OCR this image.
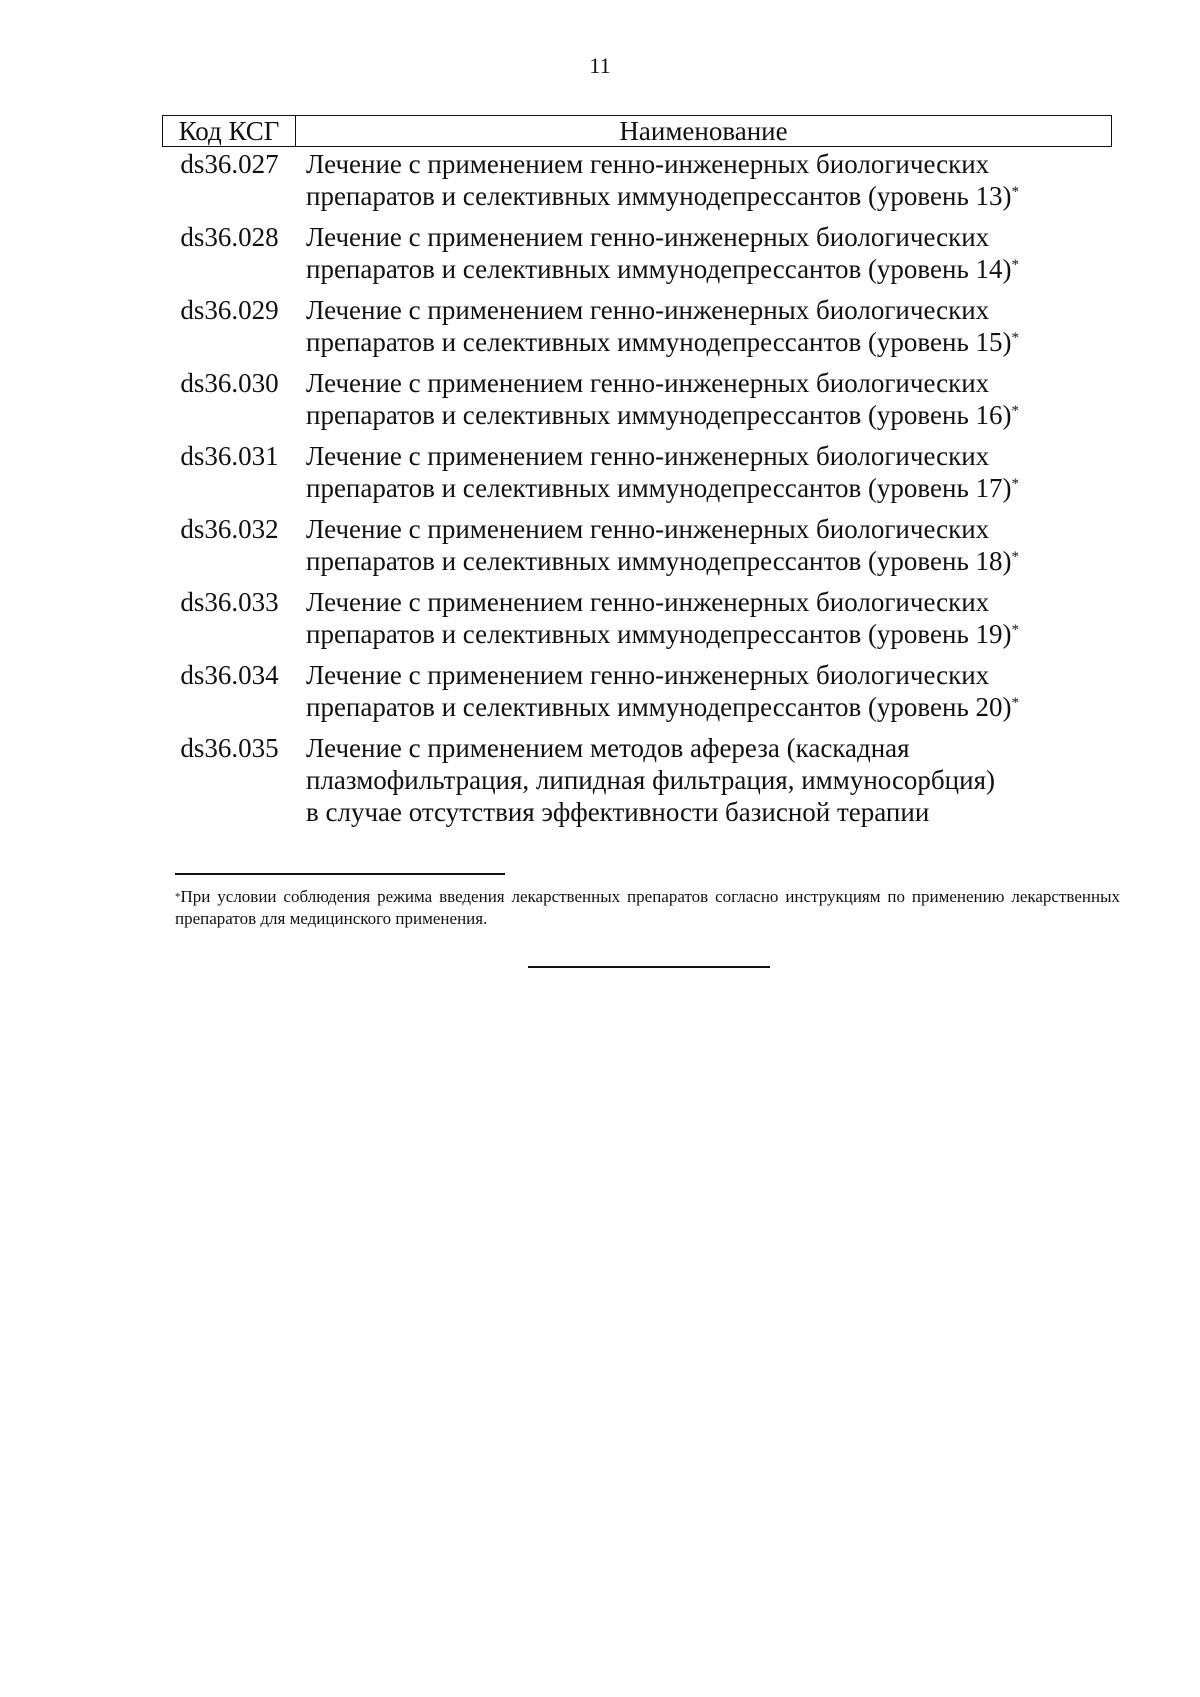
11
Код КСГ	Наименование
ds36.027	Лечение с применением генно-инженерных биологических
препаратов и селективных иммунодепрессантов (уровень 13)*
ds36.028	Лечение с применением генно-инженерных биологических
препаратов и селективных иммунодепрессантов (уровень 14)*
ds36.029	Лечение с применением генно-инженерных биологических
препаратов и селективных иммунодепрессантов (уровень 15)*
ds36.030	Лечение с применением генно-инженерных биологических
препаратов и селективных иммунодепрессантов (уровень 16)*
ds36.031	Лечение с применением генно-инженерных биологических
препаратов и селективных иммунодепрессантов (уровень 17)*
ds36.032	Лечение с применением генно-инженерных биологических
препаратов и селективных иммунодепрессантов (уровень 18)*
ds36.033	Лечение с применением генно-инженерных биологических
препаратов и селективных иммунодепрессантов (уровень 19)*
ds36.034	Лечение с применением генно-инженерных биологических
препаратов и селективных иммунодепрессантов (уровень 20)*
ds36.035	Лечение с применением методов афереза (каскадная
плазмофильтрация, липидная фильтрация, иммуносорбция)
в случае отсутствия эффективности базисной терапии
*При условии соблюдения режима введения лекарственных препаратов согласно инструкциям по применению лекарственных препаратов для медицинского применения.
